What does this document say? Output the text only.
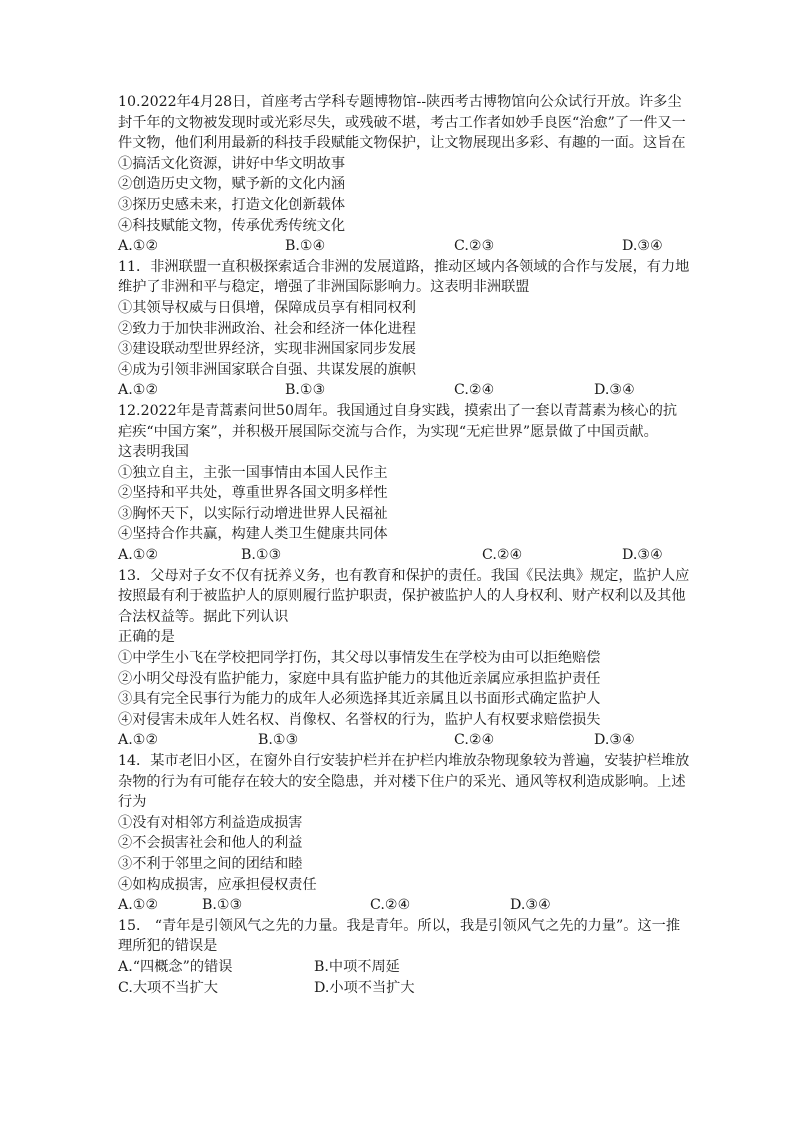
10.2022年4月28日，首座考古学科专题博物馆--陕西考古博物馆向公众试行开放。许多尘
封千年的文物被发现时或光彩尽失，或残破不堪，考古工作者如妙手良医“治愈”了一件又一
件文物，他们利用最新的科技手段赋能文物保护，让文物展现出多彩、有趣的一面。这旨在
①搞活文化资源，讲好中华文明故事
②创造历史文物，赋予新的文化内涵
③探历史感未来，打造文化创新载体
④科技赋能文物，传承优秀传统文化
A.①②	B.①④	C.②③	D.③④
11．非洲联盟一直积极探索适合非洲的发展道路，推动区域内各领域的合作与发展，有力地
维护了非洲和平与稳定，增强了非洲国际影响力。这表明非洲联盟
①其领导权威与日俱增，保障成员享有相同权利
②致力于加快非洲政治、社会和经济一体化进程
③建设联动型世界经济，实现非洲国家同步发展
④成为引领非洲国家联合自强、共谋发展的旗帜
A.①②	B.①③	C.②④	D.③④
12.2022年是青蒿素问世50周年。我国通过自身实践，摸索出了一套以青蒿素为核心的抗
疟疾“中国方案”，并积极开展国际交流与合作，为实现“无疟世界”愿景做了中国贡献。
这表明我国
①独立自主，主张一国事情由本国人民作主
②坚持和平共处，尊重世界各国文明多样性
③胸怀天下，以实际行动增进世界人民福祉
④坚持合作共赢，构建人类卫生健康共同体
A.①②	B.①③	C.②④	D.③④
13．父母对子女不仅有抚养义务，也有教育和保护的责任。我国《民法典》规定，监护人应
按照最有利于被监护人的原则履行监护职责，保护被监护人的人身权利、财产权利以及其他
合法权益等。据此下列认识
正确的是
①中学生小飞在学校把同学打伤，其父母以事情发生在学校为由可以拒绝赔偿
②小明父母没有监护能力，家庭中具有监护能力的其他近亲属应承担监护责任
③具有完全民事行为能力的成年人必须选择其近亲属且以书面形式确定监护人
④对侵害未成年人姓名权、肖像权、名誉权的行为，监护人有权要求赔偿损失
A.①②	B.①③	C.②④	D.③④
14．某市老旧小区，在窗外自行安装护栏并在护栏内堆放杂物现象较为普遍，安装护栏堆放
杂物的行为有可能存在较大的安全隐患，并对楼下住户的采光、通风等权利造成影响。上述
行为
①没有对相邻方利益造成损害
②不会损害社会和他人的利益
③不利于邻里之间的团结和睦
④如构成损害，应承担侵权责任
A.①②	B.①③	C.②④	D.③④
15． “青年是引领风气之先的力量。我是青年。所以，我是引领风气之先的力量”。这一推
理所犯的错误是
A.“四概念”的错误	B.中项不周延
C.大项不当扩大	D.小项不当扩大
